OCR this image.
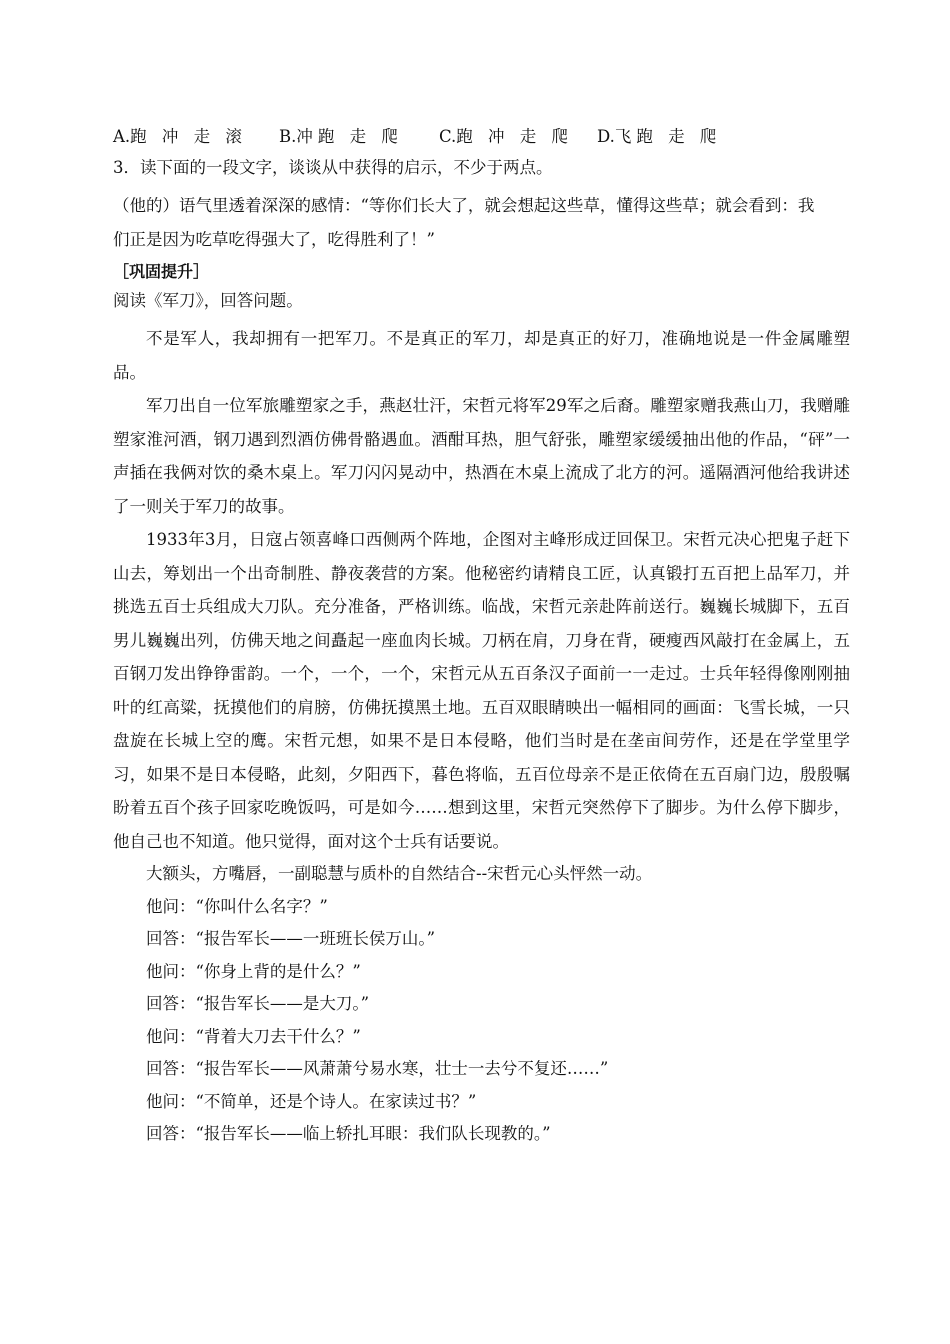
A.跑 冲 走 滚	B.冲跑 走 爬	C.跑 冲 走 爬	D.飞跑 走 爬
3．读下面的一段文字，谈谈从中获得的启示，不少于两点。
（他的）语气里透着深深的感情：“等你们长大了，就会想起这些草，懂得这些草；就会看到：我
们正是因为吃草吃得强大了，吃得胜利了！”
［巩固提升］
阅读《军刀》，回答问题。

不是军人，我却拥有一把军刀。不是真正的军刀，却是真正的好刀，准确地说是一件金属雕塑品。

军刀出自一位军旅雕塑家之手，燕赵壮汗，宋哲元将军29军之后裔。雕塑家赠我燕山刀，我赠雕塑家淮河酒，钢刀遇到烈酒仿佛骨骼遇血。酒酣耳热，胆气舒张，雕塑家缓缓抽出他的作品，“砰”一声插在我俩对饮的桑木桌上。军刀闪闪晃动中，热酒在木桌上流成了北方的河。遥隔酒河他给我讲述了一则关于军刀的故事。

1933年3月，日寇占领喜峰口西侧两个阵地，企图对主峰形成迂回保卫。宋哲元决心把鬼子赶下山去，筹划出一个出奇制胜、静夜袭营的方案。他秘密约请精良工匠，认真锻打五百把上品军刀，并挑选五百士兵组成大刀队。充分准备，严格训练。临战，宋哲元亲赴阵前送行。巍巍长城脚下，五百男儿巍巍出列，仿佛天地之间矗起一座血肉长城。刀柄在肩，刀身在背，硬瘦西风敲打在金属上，五百钢刀发出铮铮雷韵。一个，一个，一个，宋哲元从五百条汉子面前一一走过。士兵年轻得像刚刚抽叶的红高粱，抚摸他们的肩膀，仿佛抚摸黑土地。五百双眼睛映出一幅相同的画面：飞雪长城，一只盘旋在长城上空的鹰。宋哲元想，如果不是日本侵略，他们当时是在垄亩间劳作，还是在学堂里学习，如果不是日本侵略，此刻，夕阳西下，暮色将临，五百位母亲不是正依倚在五百扇门边，殷殷嘱盼着五百个孩子回家吃晚饭吗，可是如今……想到这里，宋哲元突然停下了脚步。为什么停下脚步，他自己也不知道。他只觉得，面对这个士兵有话要说。

大额头，方嘴唇，一副聪慧与质朴的自然结合--宋哲元心头怦然一动。
他问：“你叫什么名字？”
回答：“报告军长——一班班长侯万山。”
他问：“你身上背的是什么？”
回答：“报告军长——是大刀。”
他问：“背着大刀去干什么？”
回答：“报告军长——风萧萧兮易水寒，壮士一去兮不复还……”
他问：“不简单，还是个诗人。在家读过书？”
回答：“报告军长——临上轿扎耳眼：我们队长现教的。”
